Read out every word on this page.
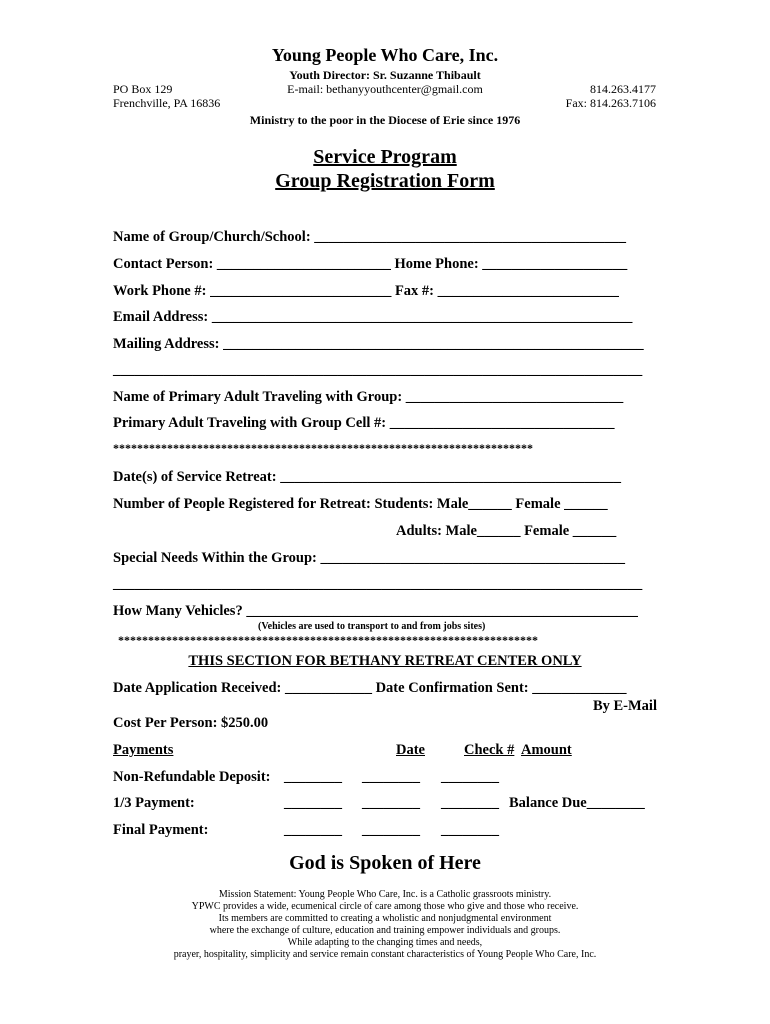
Young People Who Care, Inc.
Youth Director: Sr. Suzanne Thibault
E-mail: bethanyyouthcenter@gmail.com
PO Box 129
Frenchville, PA 16836
814.263.4177
Fax: 814.263.7106
Ministry to the poor in the Diocese of Erie since 1976
Service Program
Group Registration Form
Name of Group/Church/School: ___________________________________________
Contact Person: ________________________ Home Phone: ____________________
Work Phone #: _________________________ Fax #: _________________________
Email Address: __________________________________________________________
Mailing Address: __________________________________________________________
_________________________________________________________________________
Name of Primary Adult Traveling with Group: ______________________________
Primary Adult Traveling with Group Cell #: _______________________________
**********************************************************************
Date(s) of Service Retreat: _______________________________________________
Number of People Registered for Retreat: Students: Male______ Female ______
Adults: Male______ Female ______
Special Needs Within the Group: __________________________________________
_________________________________________________________________________
How Many Vehicles? ______________________________________________________
(Vehicles are used to transport to and from jobs sites)
**********************************************************************
THIS SECTION FOR BETHANY RETREAT CENTER ONLY
Date Application Received: ____________ Date Confirmation Sent: _____________
By E-Mail
Cost Per Person: $250.00
Payments	Date	Check # Amount
Non-Refundable Deposit: ________ ________ ________
1/3 Payment:	________ ________ ________ Balance Due________
Final Payment:	________ ________ ________
God is Spoken of Here
Mission Statement: Young People Who Care, Inc. is a Catholic grassroots ministry.
YPWC provides a wide, ecumenical circle of care among those who give and those who receive.
Its members are committed to creating a wholistic and nonjudgmental environment
where the exchange of culture, education and training empower individuals and groups.
While adapting to the changing times and needs,
prayer, hospitality, simplicity and service remain constant characteristics of Young People Who Care, Inc.
